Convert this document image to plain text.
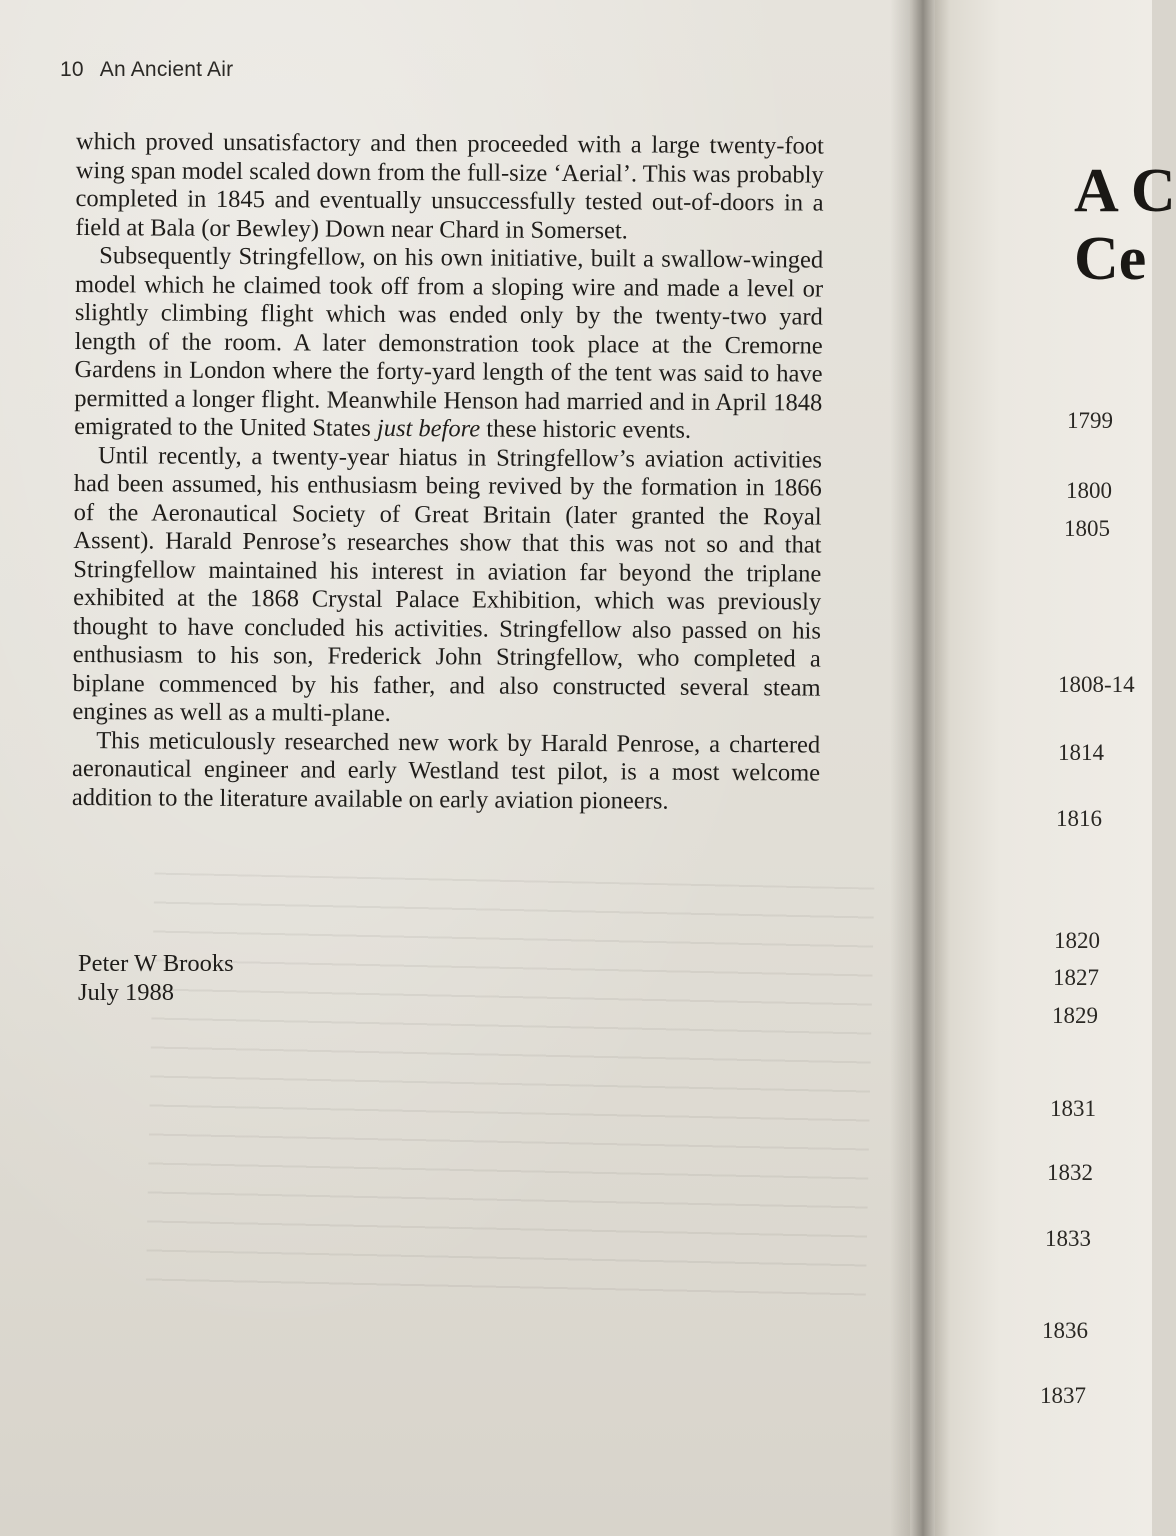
10 An Ancient Air

which proved unsatisfactory and then proceeded with a large twenty-foot wing span model scaled down from the full-size ‘Aerial’. This was probably completed in 1845 and eventually unsuccessfully tested out-of-doors in a field at Bala (or Bewley) Down near Chard in Somerset.

Subsequently Stringfellow, on his own initiative, built a swallow-winged model which he claimed took off from a sloping wire and made a level or slightly climbing flight which was ended only by the twenty-two yard length of the room. A later demonstration took place at the Cremorne Gardens in London where the forty-yard length of the tent was said to have permitted a longer flight. Meanwhile Henson had married and in April 1848 emigrated to the United States just before these historic events.

Until recently, a twenty-year hiatus in Stringfellow’s aviation activities had been assumed, his enthusiasm being revived by the formation in 1866 of the Aeronautical Society of Great Britain (later granted the Royal Assent). Harald Penrose’s researches show that this was not so and that Stringfellow maintained his interest in aviation far beyond the triplane exhibited at the 1868 Crystal Palace Exhibition, which was previously thought to have concluded his activities. Stringfellow also passed on his enthusiasm to his son, Frederick John Stringfellow, who completed a biplane commenced by his father, and also constructed several steam engines as well as a multi-plane.

This meticulously researched new work by Harald Penrose, a chartered aeronautical engineer and early Westland test pilot, is a most welcome addition to the literature available on early aviation pioneers.

Peter W Brooks
July 1988
A C
Ce
1799
1800
1805
1808-14
1814
1816
1820
1827
1829
1831
1832
1833
1836
1837
